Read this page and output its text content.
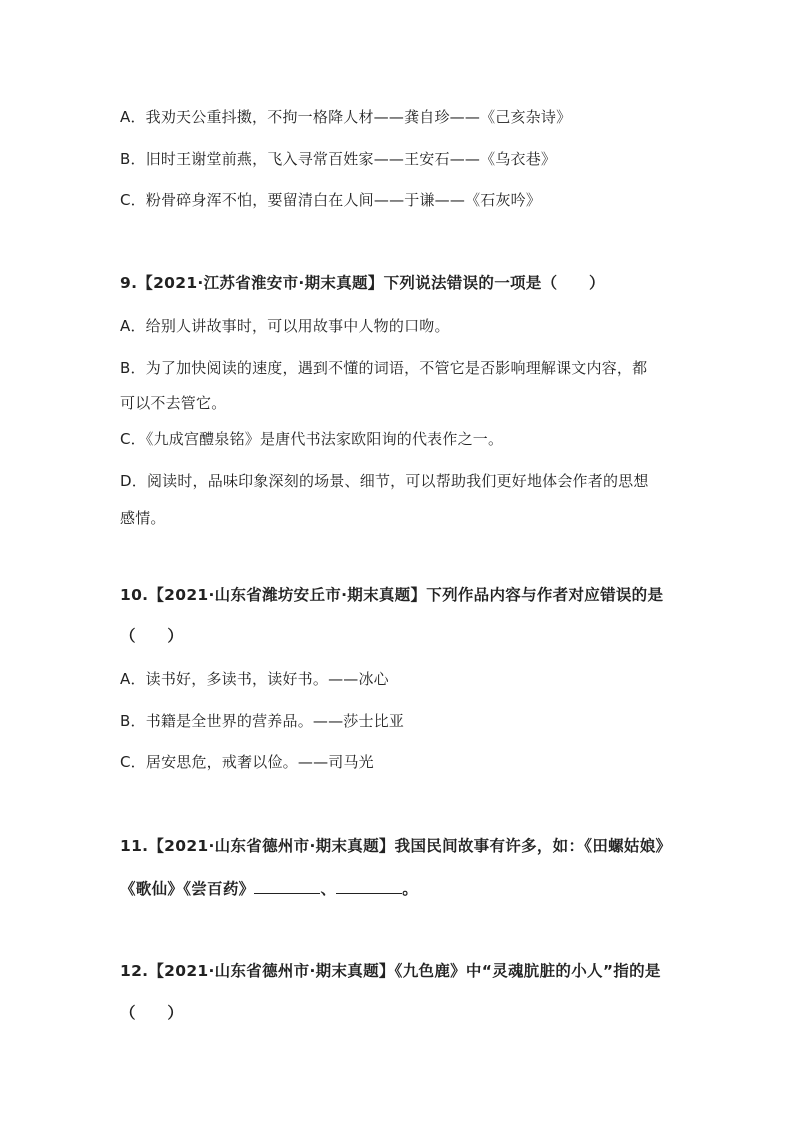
A．我劝天公重抖擞，不拘一格降人材——龚自珍——《己亥杂诗》
B．旧时王谢堂前燕，飞入寻常百姓家——王安石——《乌衣巷》
C．粉骨碎身浑不怕，要留清白在人间——于谦——《石灰吟》
9.【2021·江苏省淮安市·期末真题】下列说法错误的一项是（　　）
A．给别人讲故事时，可以用故事中人物的口吻。
B．为了加快阅读的速度，遇到不懂的词语，不管它是否影响理解课文内容，都
可以不去管它。
C．《九成宫醴泉铭》是唐代书法家欧阳询的代表作之一。
D．阅读时，品味印象深刻的场景、细节，可以帮助我们更好地体会作者的思想
感情。
10.【2021·山东省潍坊安丘市·期末真题】下列作品内容与作者对应错误的是
（　　）
A．读书好，多读书，读好书。——冰心
B．书籍是全世界的营养品。——莎士比亚
C．居安思危，戒奢以俭。——司马光
11.【2021·山东省德州市·期末真题】我国民间故事有许多，如：《田螺姑娘》
《歌仙》《尝百药》	、	。
12.【2021·山东省德州市·期末真题】《九色鹿》中“灵魂肮脏的小人”指的是
（　　）
